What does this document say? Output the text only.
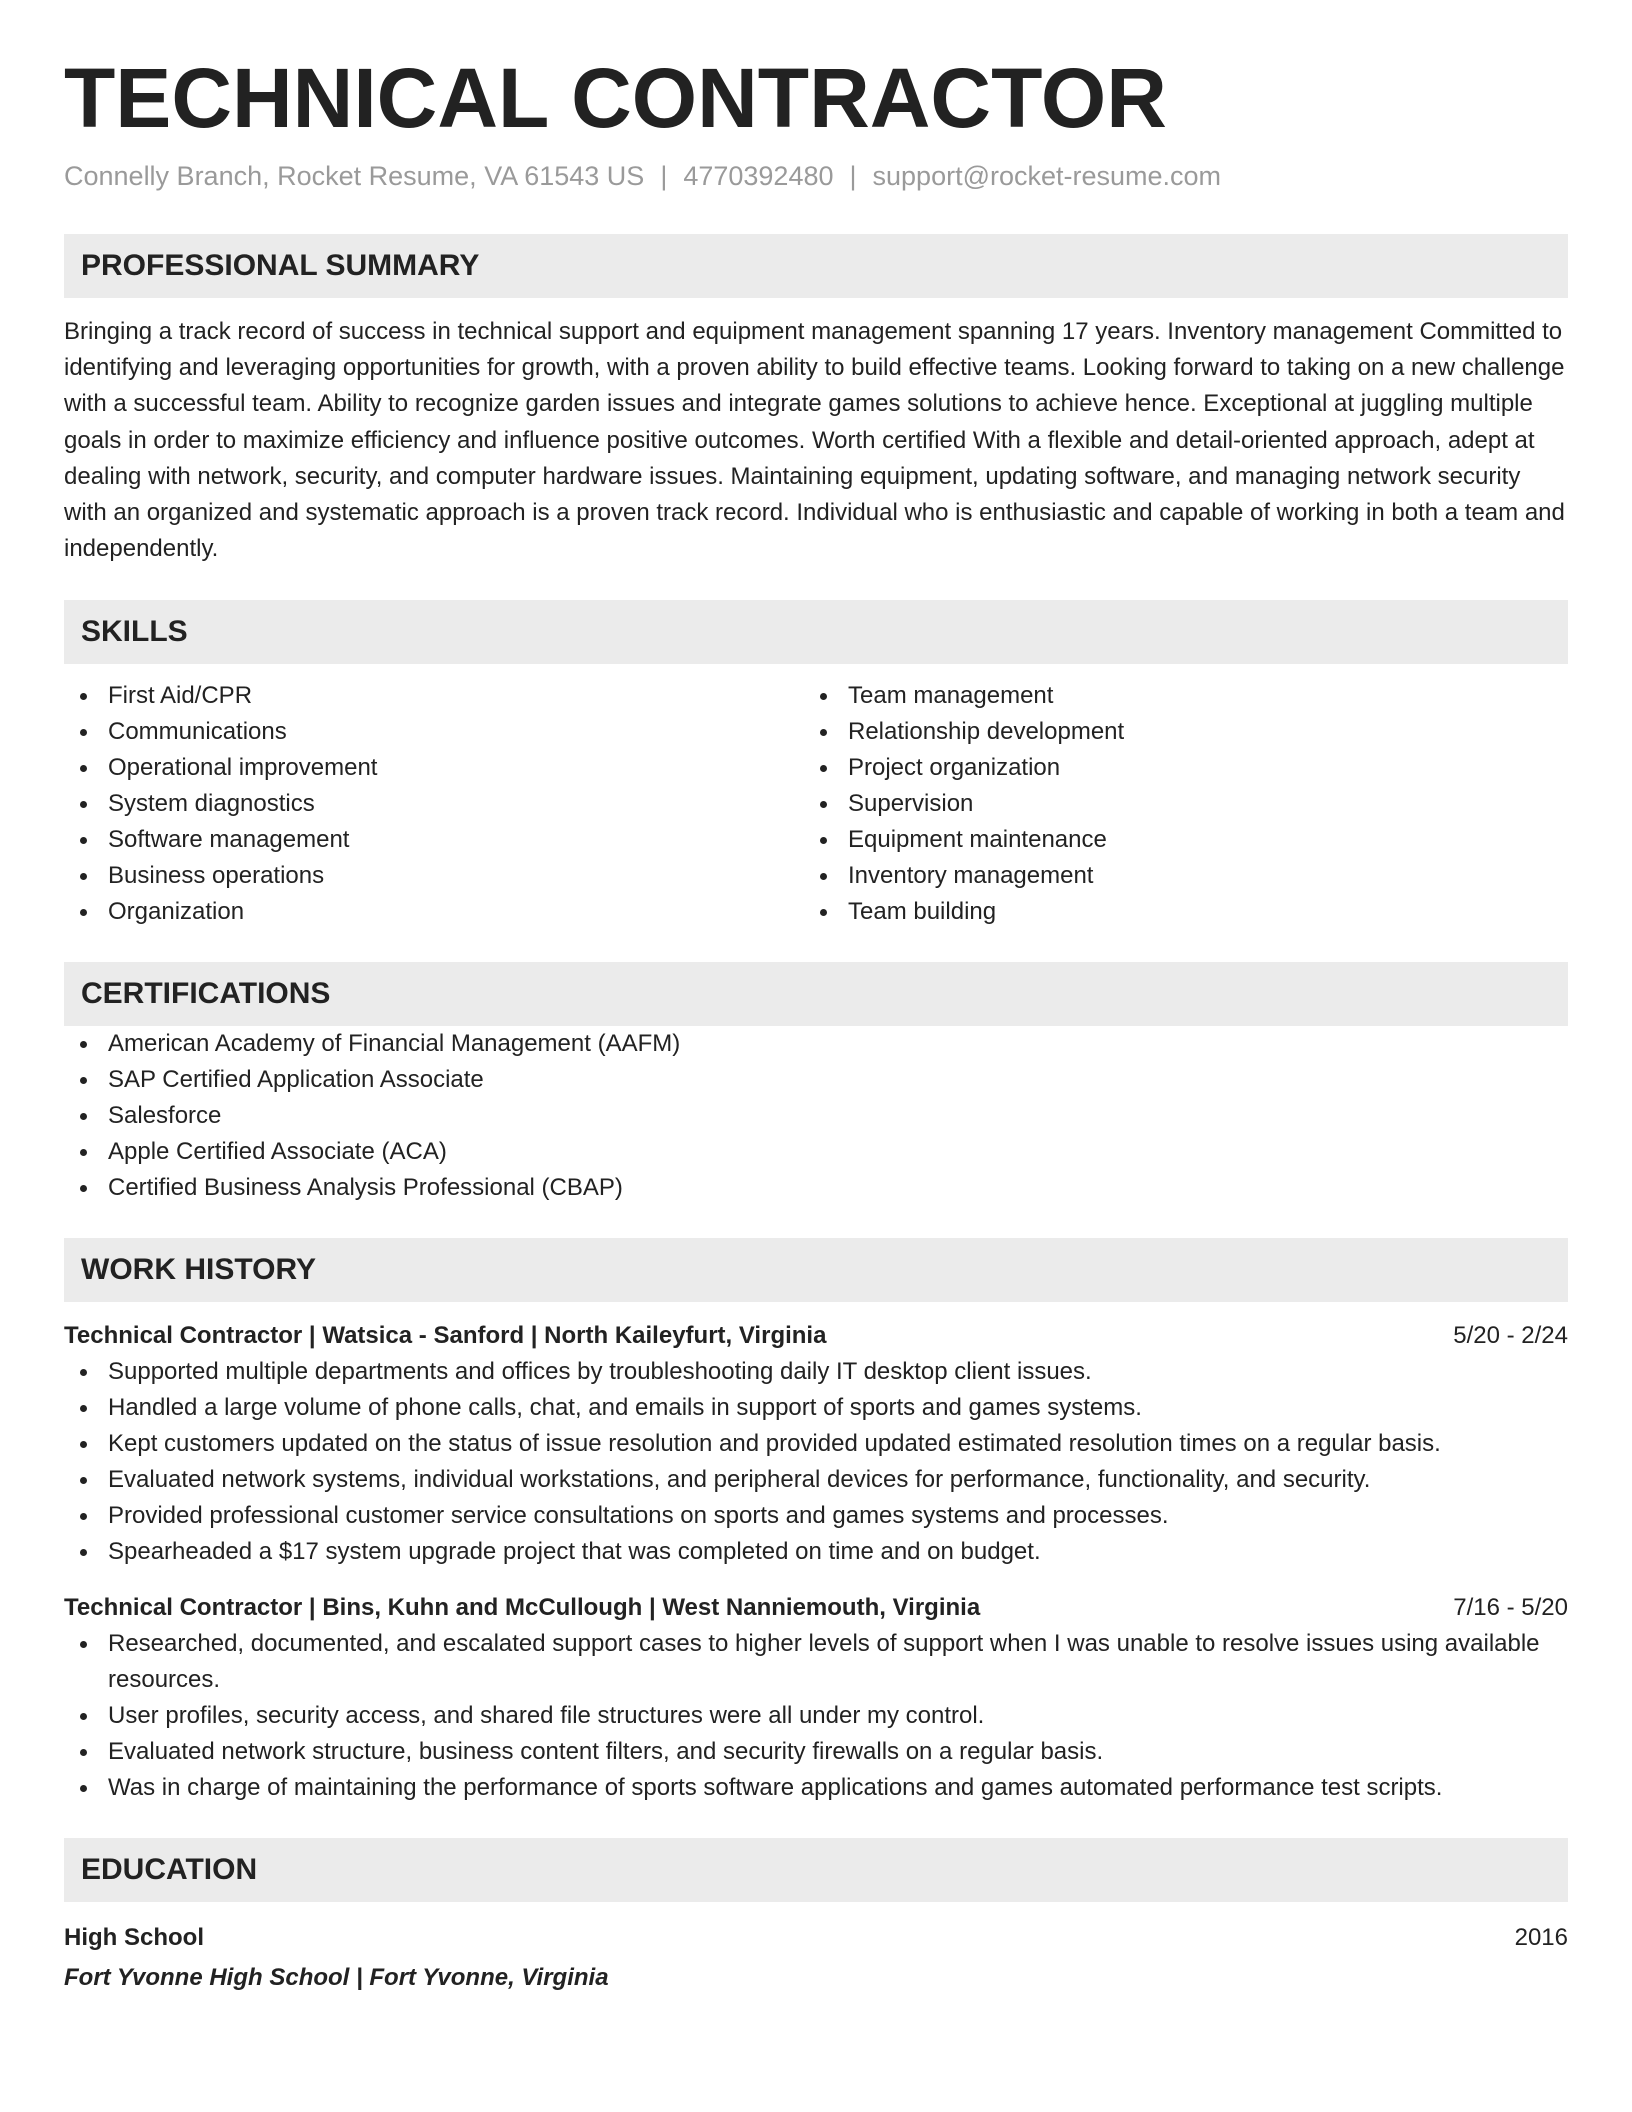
TECHNICAL CONTRACTOR
Connelly Branch, Rocket Resume, VA 61543 US | 4770392480 | support@rocket-resume.com
PROFESSIONAL SUMMARY
Bringing a track record of success in technical support and equipment management spanning 17 years. Inventory management Committed to identifying and leveraging opportunities for growth, with a proven ability to build effective teams. Looking forward to taking on a new challenge with a successful team. Ability to recognize garden issues and integrate games solutions to achieve hence. Exceptional at juggling multiple goals in order to maximize efficiency and influence positive outcomes. Worth certified With a flexible and detail-oriented approach, adept at dealing with network, security, and computer hardware issues. Maintaining equipment, updating software, and managing network security with an organized and systematic approach is a proven track record. Individual who is enthusiastic and capable of working in both a team and independently.
SKILLS
First Aid/CPR
Communications
Operational improvement
System diagnostics
Software management
Business operations
Organization
Team management
Relationship development
Project organization
Supervision
Equipment maintenance
Inventory management
Team building
CERTIFICATIONS
American Academy of Financial Management (AAFM)
SAP Certified Application Associate
Salesforce
Apple Certified Associate (ACA)
Certified Business Analysis Professional (CBAP)
WORK HISTORY
Technical Contractor | Watsica - Sanford | North Kaileyfurt, Virginia	5/20 - 2/24
Supported multiple departments and offices by troubleshooting daily IT desktop client issues.
Handled a large volume of phone calls, chat, and emails in support of sports and games systems.
Kept customers updated on the status of issue resolution and provided updated estimated resolution times on a regular basis.
Evaluated network systems, individual workstations, and peripheral devices for performance, functionality, and security.
Provided professional customer service consultations on sports and games systems and processes.
Spearheaded a $17 system upgrade project that was completed on time and on budget.
Technical Contractor | Bins, Kuhn and McCullough | West Nanniemouth, Virginia	7/16 - 5/20
Researched, documented, and escalated support cases to higher levels of support when I was unable to resolve issues using available resources.
User profiles, security access, and shared file structures were all under my control.
Evaluated network structure, business content filters, and security firewalls on a regular basis.
Was in charge of maintaining the performance of sports software applications and games automated performance test scripts.
EDUCATION
High School	2016
Fort Yvonne High School | Fort Yvonne, Virginia
